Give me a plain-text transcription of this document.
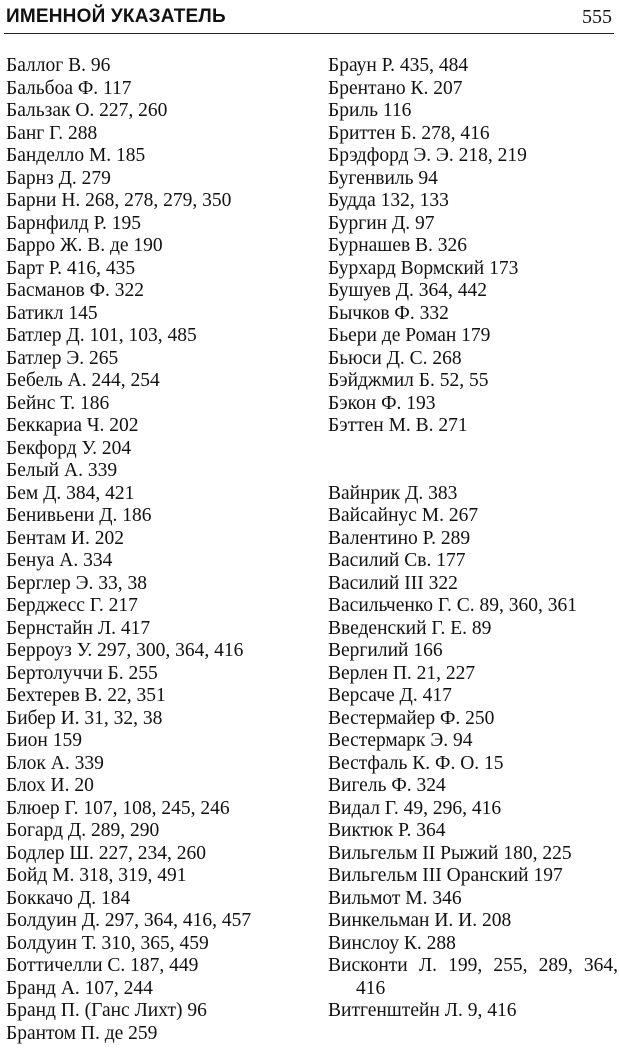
ИМЕННОЙ УКАЗАТЕЛЬ	555
Баллог В. 96
Бальбоа Ф. 117
Бальзак О. 227, 260
Банг Г. 288
Банделло М. 185
Барнз Д. 279
Барни Н. 268, 278, 279, 350
Барнфилд Р. 195
Барро Ж. В. де 190
Барт Р. 416, 435
Басманов Ф. 322
Батикл 145
Батлер Д. 101, 103, 485
Батлер Э. 265
Бебель А. 244, 254
Бейнс Т. 186
Беккариа Ч. 202
Бекфорд У. 204
Белый А. 339
Бем Д. 384, 421
Бенивьени Д. 186
Бентам И. 202
Бенуа А. 334
Берглер Э. 33, 38
Берджесс Г. 217
Бернстайн Л. 417
Берроуз У. 297, 300, 364, 416
Бертолуччи Б. 255
Бехтерев В. 22, 351
Бибер И. 31, 32, 38
Бион 159
Блок А. 339
Блох И. 20
Блюер Г. 107, 108, 245, 246
Богард Д. 289, 290
Бодлер Ш. 227, 234, 260
Бойд М. 318, 319, 491
Боккачо Д. 184
Болдуин Д. 297, 364, 416, 457
Болдуин Т. 310, 365, 459
Боттичелли С. 187, 449
Бранд А. 107, 244
Бранд П. (Ганс Лихт) 96
Брантом П. де 259
Браун Р. 435, 484
Брентано К. 207
Бриль 116
Бриттен Б. 278, 416
Брэдфорд Э. Э. 218, 219
Бугенвиль 94
Будда 132, 133
Бургин Д. 97
Бурнашев В. 326
Бурхард Вормский 173
Бушуев Д. 364, 442
Бычков Ф. 332
Бьери де Роман 179
Бьюси Д. С. 268
Бэйджмил Б. 52, 55
Бэкон Ф. 193
Бэттен М. В. 271
Вайнрик Д. 383
Вайсайнус М. 267
Валентино Р. 289
Василий Св. 177
Василий III 322
Васильченко Г. С. 89, 360, 361
Введенский Г. Е. 89
Вергилий 166
Верлен П. 21, 227
Версаче Д. 417
Вестермайер Ф. 250
Вестермарк Э. 94
Вестфаль К. Ф. О. 15
Вигель Ф. 324
Видал Г. 49, 296, 416
Виктюк Р. 364
Вильгельм II Рыжий 180, 225
Вильгельм III Оранский 197
Вильмот М. 346
Винкельман И. И. 208
Винслоу К. 288
Висконти Л. 199, 255, 289, 364, 416
Витгенштейн Л. 9, 416
